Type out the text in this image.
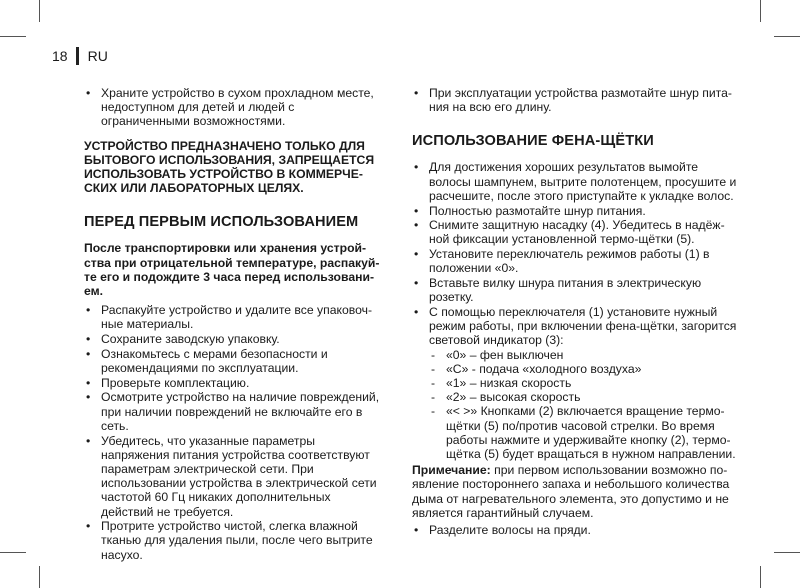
18 RU
• Храните устройство в сухом прохладном месте, недоступном для детей и людей с ограниченными возможностями.

УСТРОЙСТВО ПРЕДНАЗНАЧЕНО ТОЛЬКО ДЛЯ БЫТОВОГО ИСПОЛЬЗОВАНИЯ, ЗАПРЕЩАЕТСЯ ИСПОЛЬЗОВАТЬ УСТРОЙСТВО В КОММЕРЧЕСКИХ ИЛИ ЛАБОРАТОРНЫХ ЦЕЛЯХ.

ПЕРЕД ПЕРВЫМ ИСПОЛЬЗОВАНИЕМ

После транспортировки или хранения устройства при отрицательной температуре, распакуйте его и подождите 3 часа перед использованием.

• Распакуйте устройство и удалите все упаковочные материалы.
• Сохраните заводскую упаковку.
• Ознакомьтесь с мерами безопасности и рекомендациями по эксплуатации.
• Проверьте комплектацию.
• Осмотрите устройство на наличие повреждений, при наличии повреждений не включайте его в сеть.
• Убедитесь, что указанные параметры напряжения питания устройства соответствуют параметрам электрической сети. При использовании устройства в электрической сети частотой 60 Гц никаких дополнительных действий не требуется.
• Протрите устройство чистой, слегка влажной тканью для удаления пыли, после чего вытрите насухо.
• При эксплуатации устройства размотайте шнур питания на всю его длину.
ИСПОЛЬЗОВАНИЕ ФЕНА-ЩЁТКИ
• Для достижения хороших результатов вымойте волосы шампунем, вытрите полотенцем, просушите и расчешите, после этого приступайте к укладке волос.
• Полностью размотайте шнур питания.
• Снимите защитную насадку (4). Убедитесь в надёжной фиксации установленной термо-щётки (5).
• Установите переключатель режимов работы (1) в положении «0».
• Вставьте вилку шнура питания в электрическую розетку.
• С помощью переключателя (1) установите нужный режим работы, при включении фена-щётки, загорится световой индикатор (3):
- «0» – фен выключен
- «С» - подача «холодного воздуха»
- «1» – низкая скорость
- «2» – высокая скорость
- «< >» Кнопками (2) включается вращение термо-щётки (5) по/против часовой стрелки. Во время работы нажмите и удерживайте кнопку (2), термо-щётка (5) будет вращаться в нужном направлении.

Примечание: при первом использовании возможно появление постороннего запаха и небольшого количества дыма от нагревательного элемента, это допустимо и не является гарантийный случаем.

• Разделите волосы на пряди.
